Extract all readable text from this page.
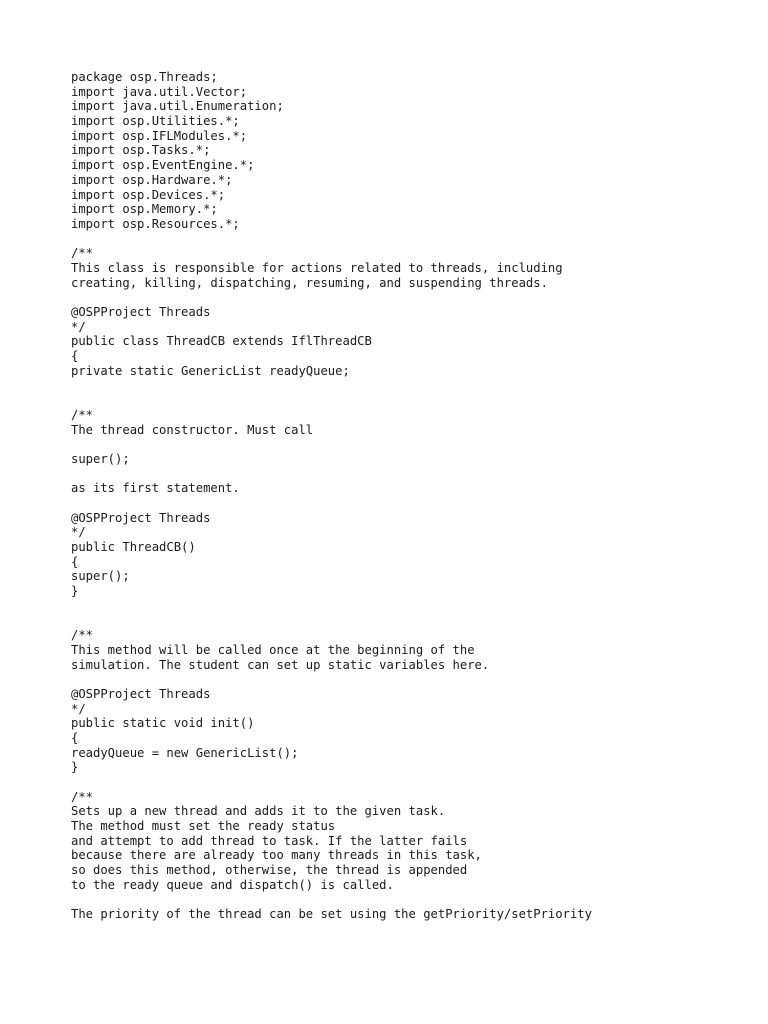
package osp.Threads;
import java.util.Vector;
import java.util.Enumeration;
import osp.Utilities.*;
import osp.IFLModules.*;
import osp.Tasks.*;
import osp.EventEngine.*;
import osp.Hardware.*;
import osp.Devices.*;
import osp.Memory.*;
import osp.Resources.*;
/**
This class is responsible for actions related to threads, including
creating, killing, dispatching, resuming, and suspending threads.
@OSPProject Threads
*/
public class ThreadCB extends IflThreadCB
{
private static GenericList readyQueue;
/**
The thread constructor. Must call
super();
as its first statement.
@OSPProject Threads
*/
public ThreadCB()
{
super();
}
/**
This method will be called once at the beginning of the
simulation. The student can set up static variables here.
@OSPProject Threads
*/
public static void init()
{
readyQueue = new GenericList();
}
/**
Sets up a new thread and adds it to the given task.
The method must set the ready status
and attempt to add thread to task. If the latter fails
because there are already too many threads in this task,
so does this method, otherwise, the thread is appended
to the ready queue and dispatch() is called.
The priority of the thread can be set using the getPriority/setPriority
